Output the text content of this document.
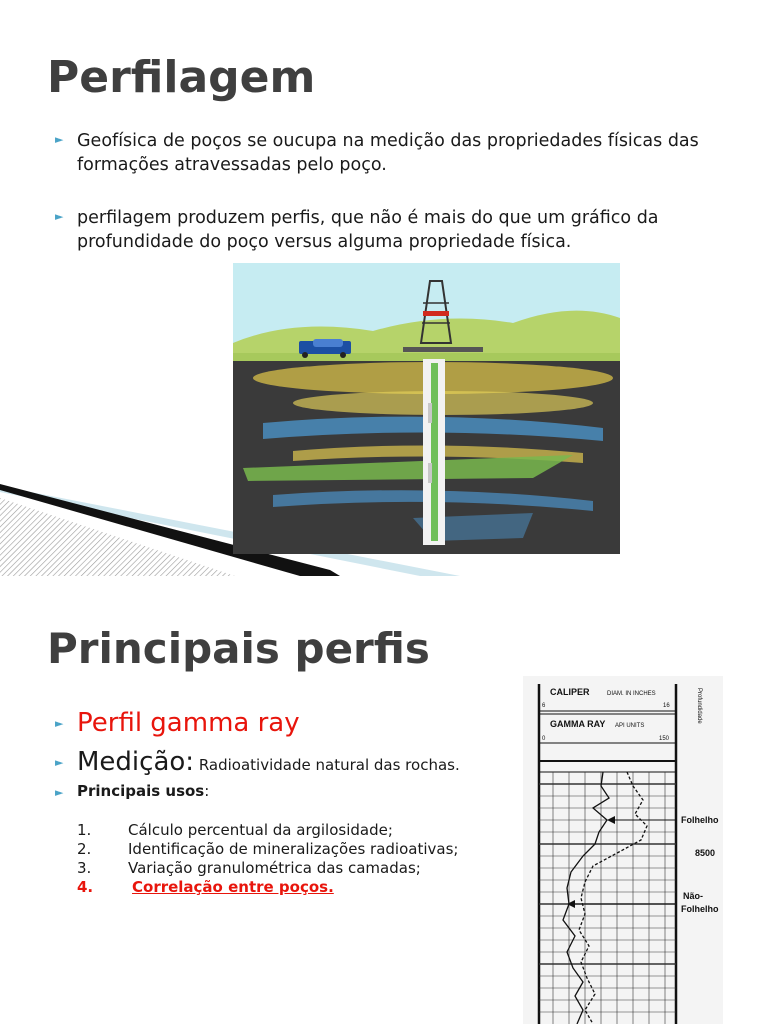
Perfilagem
► Geofísica de poços se oucupa na medição das propriedades físicas das formações atravessadas pelo poço.
► perfilagem produzem perfis, que não é mais do que um gráfico da profundidade do poço versus alguma propriedade física.
Principais perfis
► Perfil gamma ray
► Medição: Radioatividade natural das rochas.
► Principais usos:
1. Cálculo percentual da argilosidade;
2. Identificação de mineralizações radioativas;
3. Variação granulométrica das camadas;
4.	Correlação entre poços.
CALIPER	DIAM. IN INCHES
6	16
GAMMA RAY API UNITS
0	150
Profundidade
Folhelho
8500
Não-
Folhelho
